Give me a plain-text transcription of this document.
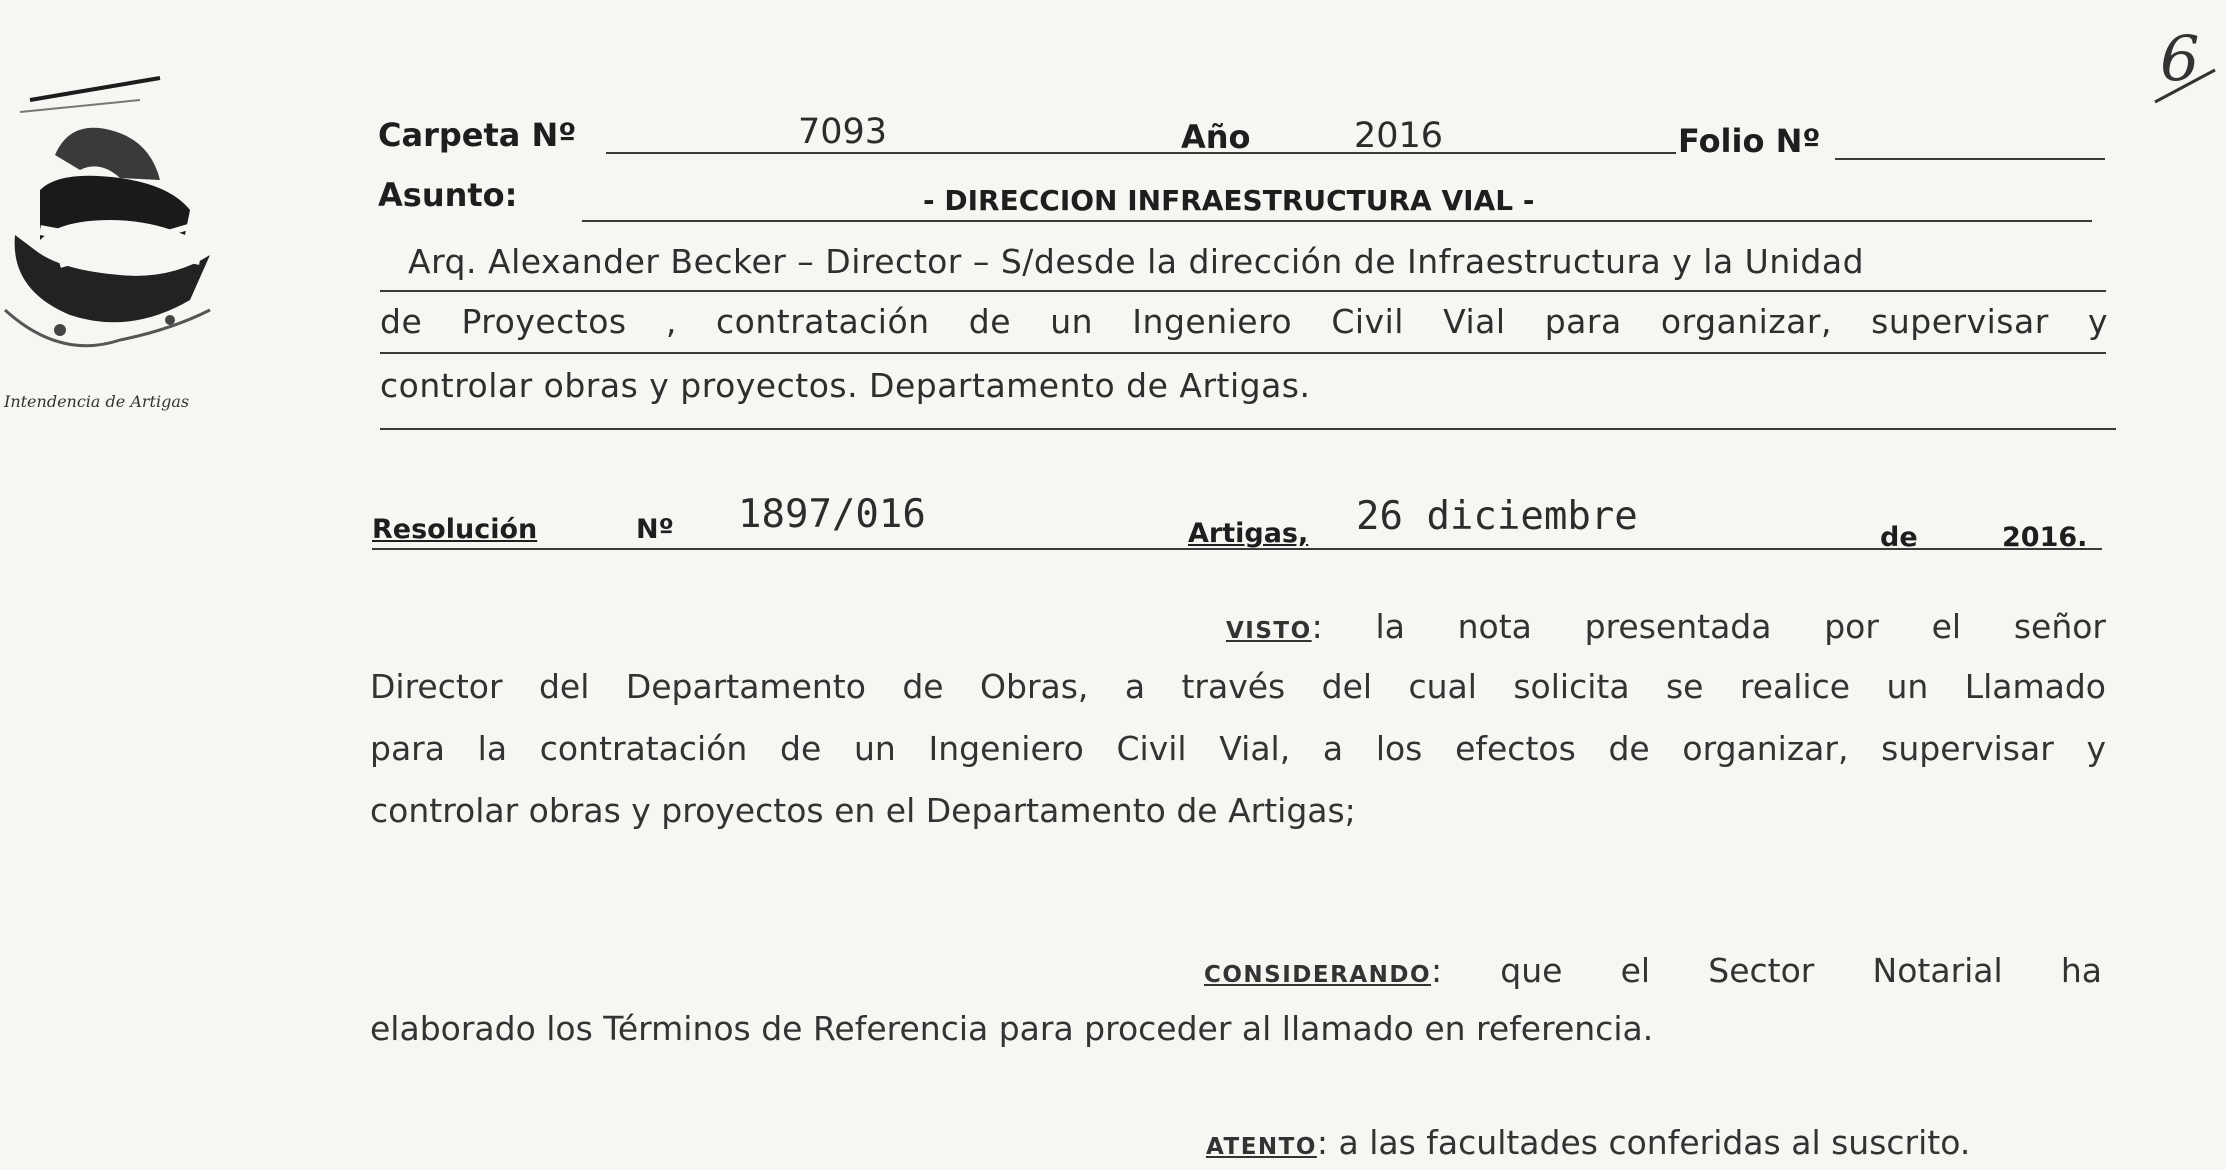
Intendencia de Artigas
6
Carpeta Nº	7093	Año	2016	Folio Nº
Asunto:	- DIRECCION INFRAESTRUCTURA VIAL -
Arq. Alexander Becker – Director – S/desde la dirección de Infraestructura y la Unidad
de Proyectos , contratación de un Ingeniero Civil Vial para organizar, supervisar y
controlar obras y proyectos. Departamento de Artigas.
Resolución	Nº 1897/016	Artigas, 26 diciembre	de	2016.
VISTO: la nota presentada por el señor
Director del Departamento de Obras, a través del cual solicita se realice un Llamado
para la contratación de un Ingeniero Civil Vial, a los efectos de organizar, supervisar y
controlar obras y proyectos en el Departamento de Artigas;
CONSIDERANDO: que el Sector Notarial ha
elaborado los Términos de Referencia para proceder al llamado en referencia.
ATENTO: a las facultades conferidas al suscrito.
